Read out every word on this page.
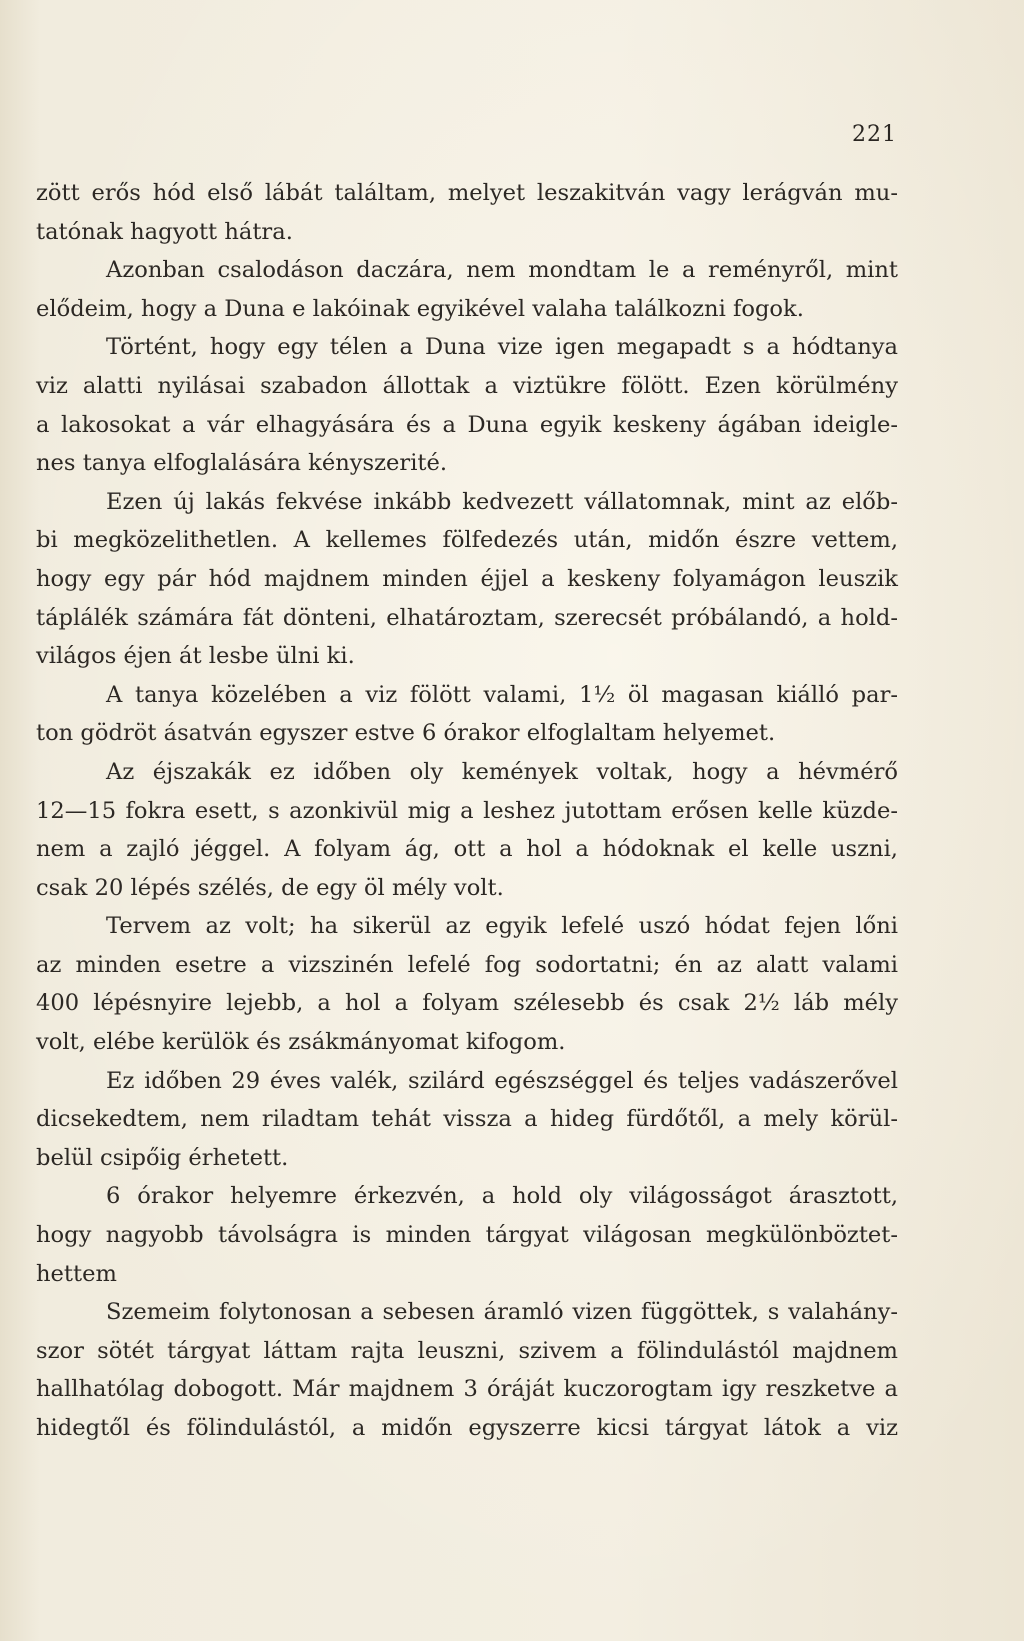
221
zött erős hód első lábát találtam, melyet leszakitván vagy lerágván mu-
tatónak hagyott hátra.
Azonban csalodáson daczára, nem mondtam le a reményről, mint
elődeim, hogy a Duna e lakóinak egyikével valaha találkozni fogok.
Történt, hogy egy télen a Duna vize igen megapadt s a hódtanya
viz alatti nyilásai szabadon állottak a viztükre fölött. Ezen körülmény
a lakosokat a vár elhagyására és a Duna egyik keskeny ágában ideigle-
nes tanya elfoglalására kényszerité.
Ezen új lakás fekvése inkább kedvezett vállatomnak, mint az előb-
bi megközelithetlen. A kellemes fölfedezés után, midőn észre vettem,
hogy egy pár hód majdnem minden éjjel a keskeny folyamágon leuszik
táplálék számára fát dönteni, elhatároztam, szerecsét próbálandó, a hold-
világos éjen át lesbe ülni ki.
A tanya közelében a viz fölött valami, 1½ öl magasan kiálló par-
ton gödröt ásatván egyszer estve 6 órakor elfoglaltam helyemet.
Az éjszakák ez időben oly kemények voltak, hogy a hévmérő
12—15 fokra esett, s azonkivül mig a leshez jutottam erősen kelle küzde-
nem a zajló jéggel. A folyam ág, ott a hol a hódoknak el kelle uszni,
csak 20 lépés szélés, de egy öl mély volt.
Tervem az volt; ha sikerül az egyik lefelé uszó hódat fejen lőni
az minden esetre a vizszinén lefelé fog sodortatni; én az alatt valami
400 lépésnyire lejebb, a hol a folyam szélesebb és csak 2½ láb mély
volt, elébe kerülök és zsákmányomat kifogom.
Ez időben 29 éves valék, szilárd egészséggel és teljes vadászerővel
dicsekedtem, nem riladtam tehát vissza a hideg fürdőtől, a mely körül-
belül csipőig érhetett.
6 órakor helyemre érkezvén, a hold oly világosságot árasztott,
hogy nagyobb távolságra is minden tárgyat világosan megkülönböztet-
hettem
Szemeim folytonosan a sebesen áramló vizen függöttek, s valahány-
szor sötét tárgyat láttam rajta leuszni, szivem a fölindulástól majdnem
hallhatólag dobogott. Már majdnem 3 óráját kuczorogtam igy reszketve a
hidegtől és fölindulástól, a midőn egyszerre kicsi tárgyat látok a viz
